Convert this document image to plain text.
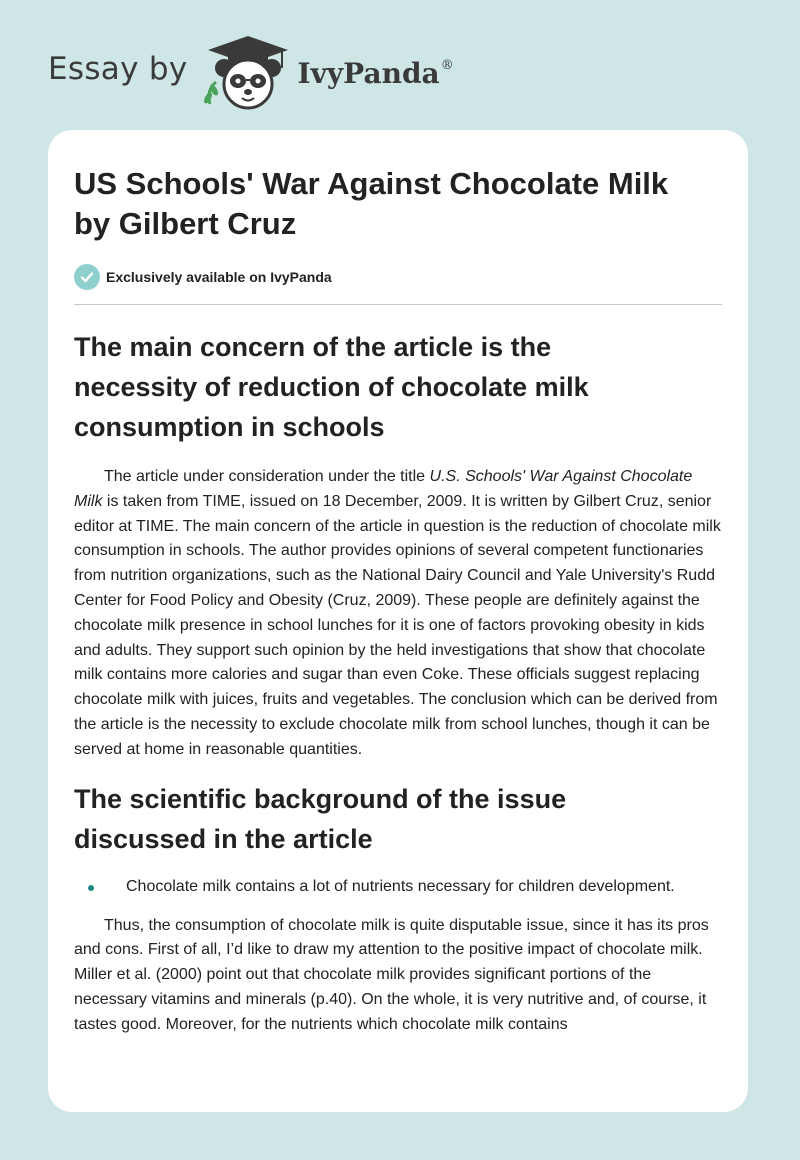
Essay by	IvyPanda®
US Schools' War Against Chocolate Milk
by Gilbert Cruz
Exclusively available on IvyPanda
The main concern of the article is the
necessity of reduction of chocolate milk
consumption in schools

The article under consideration under the title U.S. Schools' War Against Chocolate Milk is taken from TIME, issued on 18 December, 2009. It is written by Gilbert Cruz, senior editor at TIME. The main concern of the article in question is the reduction of chocolate milk consumption in schools. The author provides opinions of several competent functionaries from nutrition organizations, such as the National Dairy Council and Yale University's Rudd Center for Food Policy and Obesity (Cruz, 2009). These people are definitely against the chocolate milk presence in school lunches for it is one of factors provoking obesity in kids and adults. They support such opinion by the held investigations that show that chocolate milk contains more calories and sugar than even Coke. These officials suggest replacing chocolate milk with juices, fruits and vegetables. The conclusion which can be derived from the article is the necessity to exclude chocolate milk from school lunches, though it can be served at home in reasonable quantities.

The scientific background of the issue
discussed in the article
Chocolate milk contains a lot of nutrients necessary for children development.

Thus, the consumption of chocolate milk is quite disputable issue, since it has its pros and cons. First of all, I’d like to draw my attention to the positive impact of chocolate milk. Miller et al. (2000) point out that chocolate milk provides significant portions of the necessary vitamins and minerals (p.40). On the whole, it is very nutritive and, of course, it tastes good. Moreover, for the nutrients which chocolate milk contains
